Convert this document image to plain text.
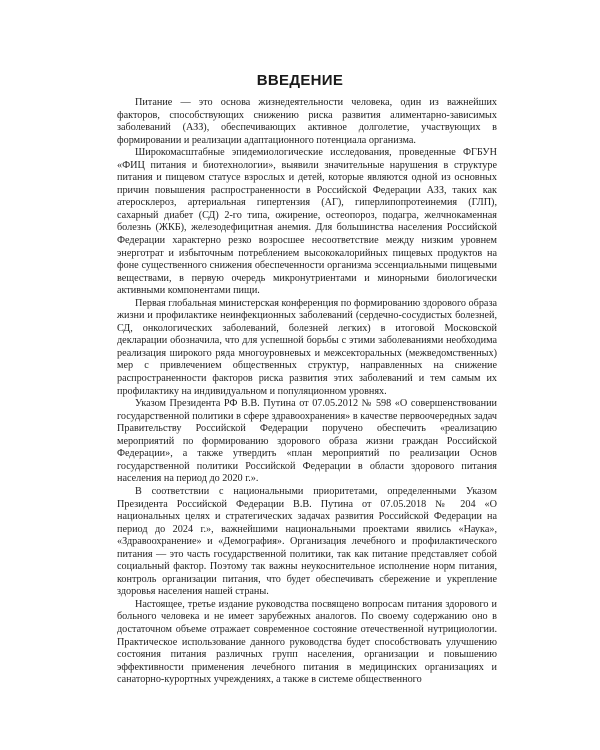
ВВЕДЕНИЕ

Питание — это основа жизнедеятельности человека, один из важнейших факторов, способствующих снижению риска развития алиментарно-зависимых заболеваний (АЗЗ), обеспечивающих активное долголетие, участвующих в формировании и реализации адаптационного потенциала организма.

Широкомасштабные эпидемиологические исследования, проведенные ФГБУН «ФИЦ питания и биотехнологии», выявили значительные нарушения в структуре питания и пищевом статусе взрослых и детей, которые являются одной из основных причин повышения распространенности в Российской Федерации АЗЗ, таких как атеросклероз, артериальная гипертензия (АГ), гиперлипопротеинемия (ГЛП), сахарный диабет (СД) 2-го типа, ожирение, остеопороз, подагра, желчнокаменная болезнь (ЖКБ), железодефицитная анемия. Для большинства населения Российской Федерации характерно резко возросшее несоответствие между низким уровнем энерготрат и избыточным потреблением высококалорийных пищевых продуктов на фоне существенного снижения обеспеченности организма эссенциальными пищевыми веществами, в первую очередь микронутриентами и минорными биологически активными компонентами пищи.

Первая глобальная министерская конференция по формированию здорового образа жизни и профилактике неинфекционных заболеваний (сердечно-сосудистых болезней, СД, онкологических заболеваний, болезней легких) в итоговой Московской декларации обозначила, что для успешной борьбы с этими заболеваниями необходима реализация широкого ряда многоуровневых и межсекторальных (межведомственных) мер с привлечением общественных структур, направленных на снижение распространенности факторов риска развития этих заболеваний и тем самым их профилактику на индивидуальном и популяционном уровнях.

Указом Президента РФ В.В. Путина от 07.05.2012 № 598 «О совершенствовании государственной политики в сфере здравоохранения» в качестве первоочередных задач Правительству Российской Федерации поручено обеспечить «реализацию мероприятий по формированию здорового образа жизни граждан Российской Федерации», а также утвердить «план мероприятий по реализации Основ государственной политики Российской Федерации в области здорового питания населения на период до 2020 г.».

В соответствии с национальными приоритетами, определенными Указом Президента Российской Федерации В.В. Путина от 07.05.2018 № 204 «О национальных целях и стратегических задачах развития Российской Федерации на период до 2024 г.», важнейшими национальными проектами явились «Наука», «Здравоохранение» и «Демография». Организация лечебного и профилактического питания — это часть государственной политики, так как питание представляет собой социальный фактор. Поэтому так важны неукоснительное исполнение норм питания, контроль организации питания, что будет обеспечивать сбережение и укрепление здоровья населения нашей страны.

Настоящее, третье издание руководства посвящено вопросам питания здорового и больного человека и не имеет зарубежных аналогов. По своему содержанию оно в достаточном объеме отражает современное состояние отечественной нутрициологии. Практическое использование данного руководства будет способствовать улучшению состояния питания различных групп населения, организации и повышению эффективности применения лечебного питания в медицинских организациях и санаторно-курортных учреждениях, а также в системе общественного
